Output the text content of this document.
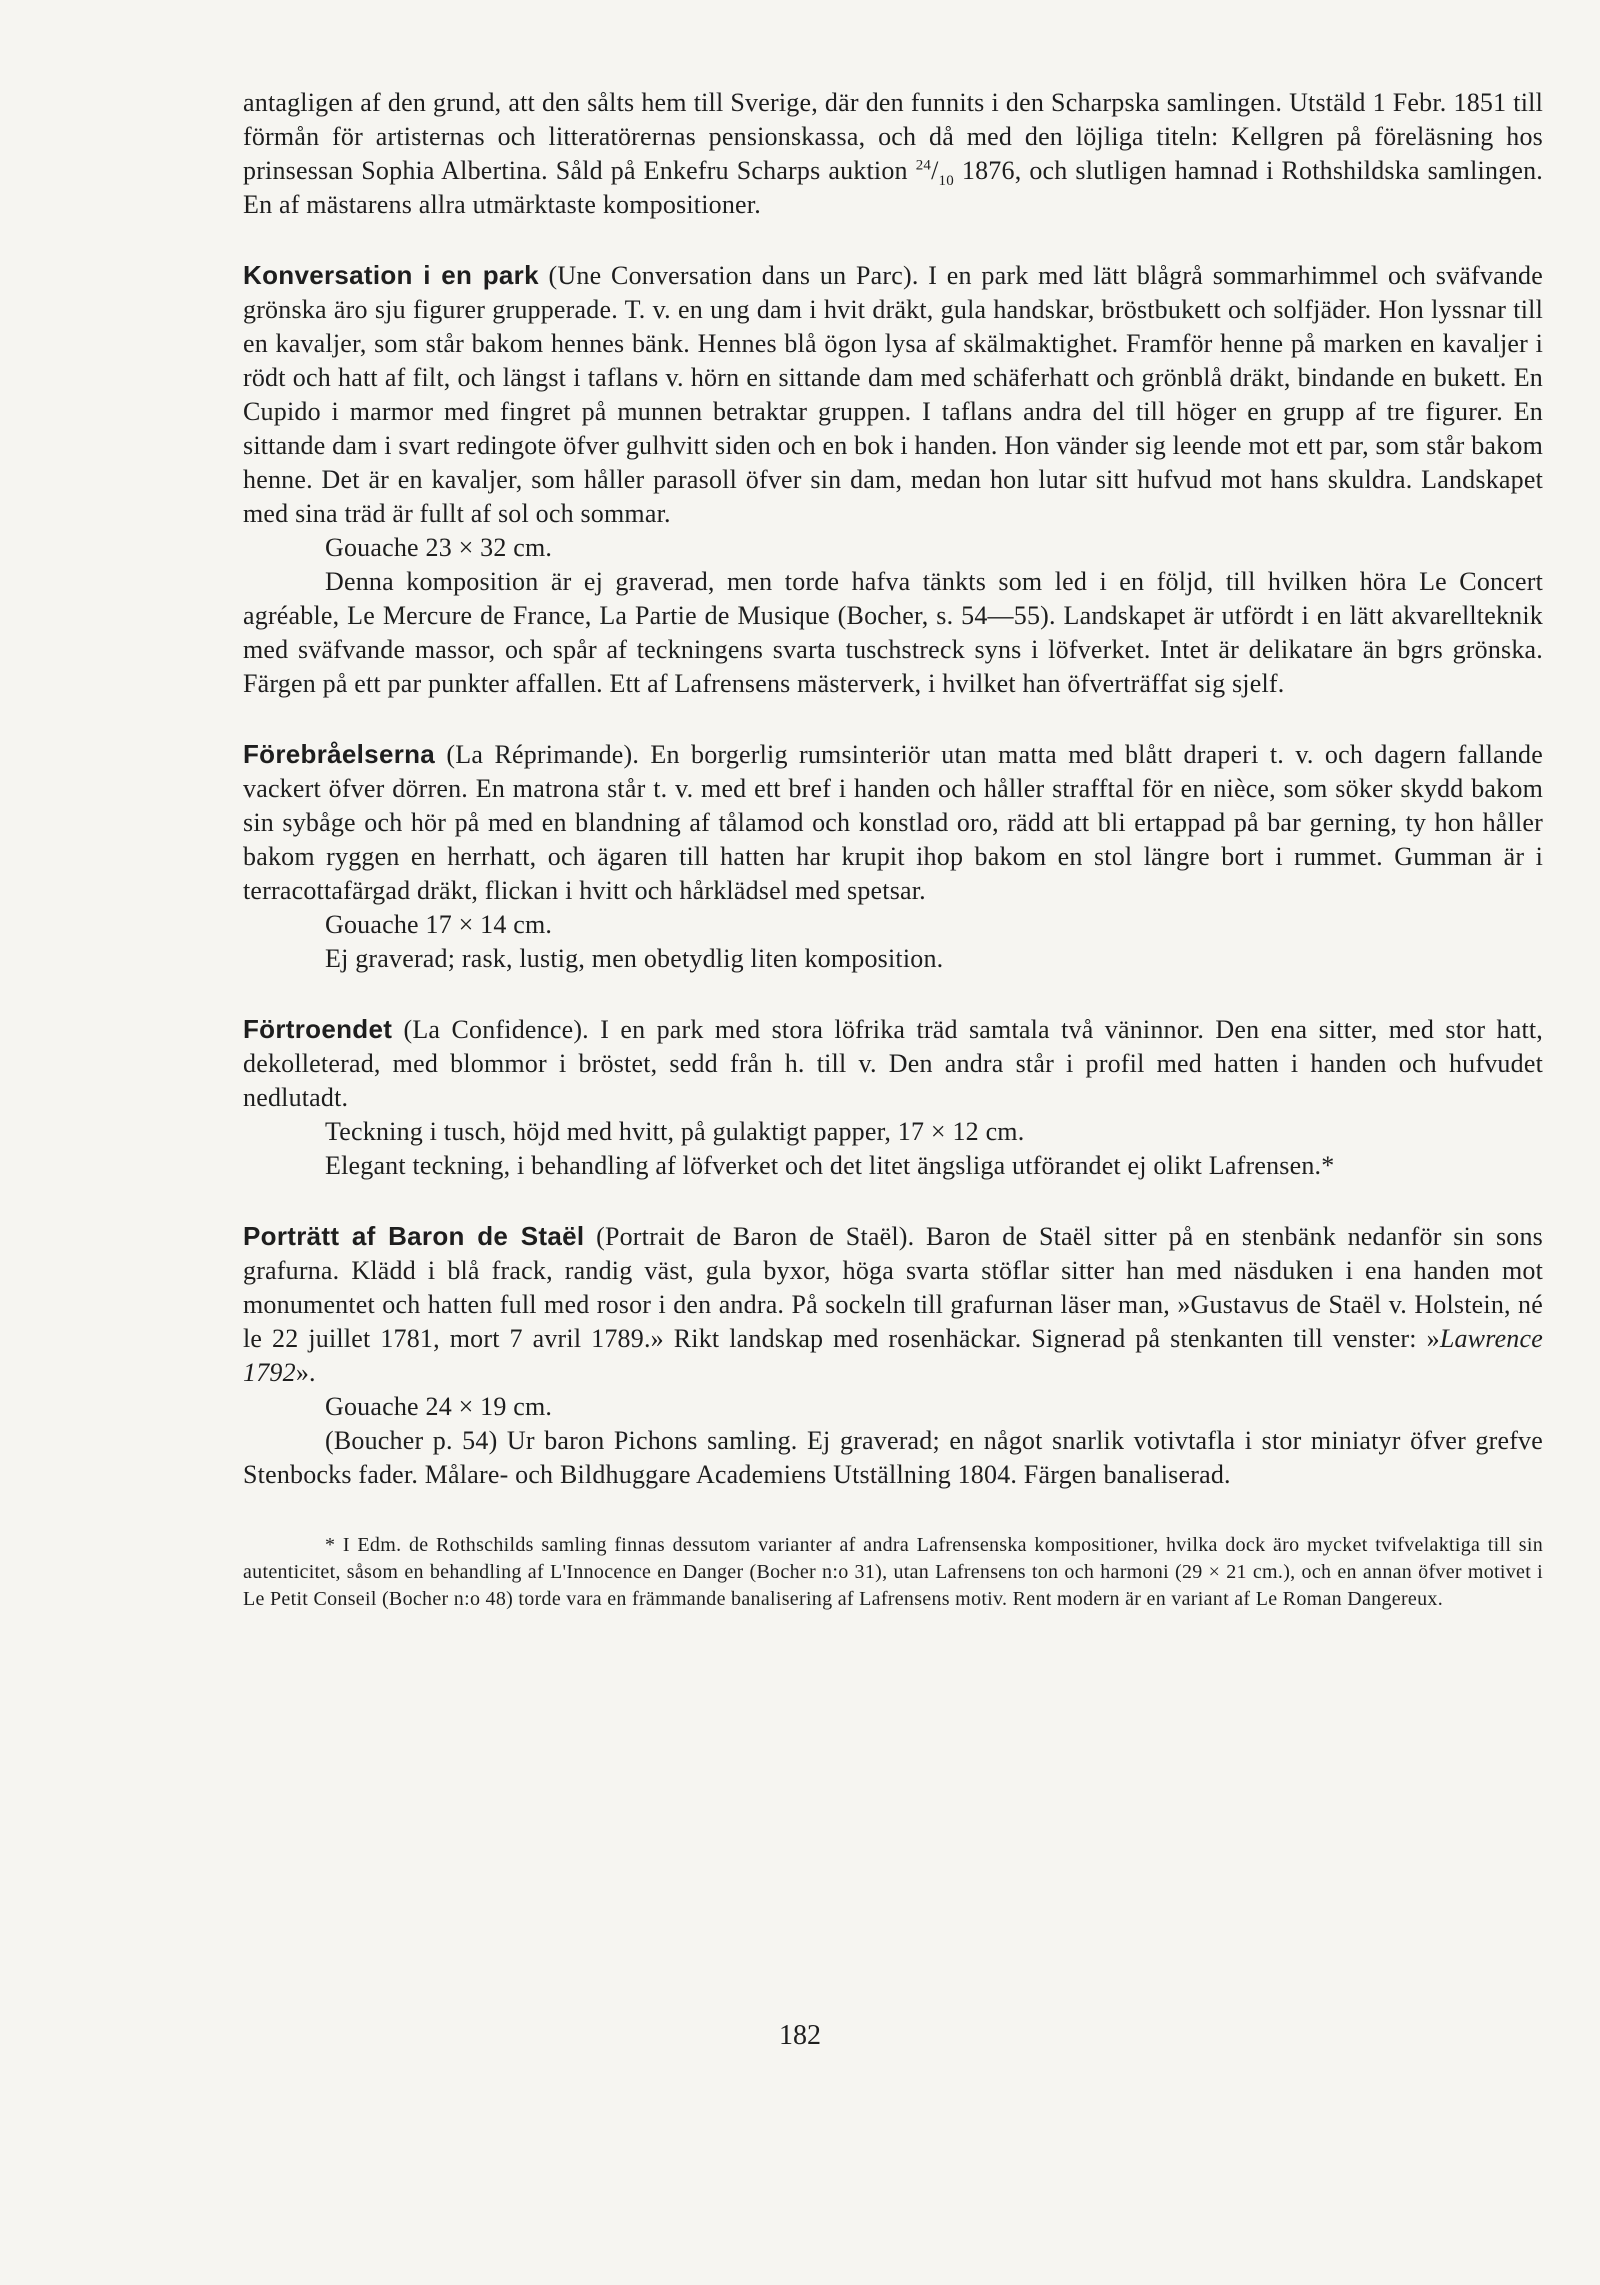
antagligen af den grund, att den sålts hem till Sverige, där den funnits i den Scharpska samlingen. Utstäld 1 Febr. 1851 till förmån för artisternas och litteratörernas pensionskassa, och då med den löjliga titeln: Kellgren på föreläsning hos prinsessan Sophia Albertina. Såld på Enkefru Scharps auktion $^{24}/_{10}$ 1876, och slutligen hamnad i Rothshildska samlingen. En af mästarens allra utmärktaste kompositioner.

Konversation i en park (Une Conversation dans un Parc). I en park med lätt blågrå sommarhimmel och sväfvande grönska äro sju figurer grupperade. T. v. en ung dam i hvit dräkt, gula handskar, bröstbukett och solfjäder. Hon lyssnar till en kavaljer, som står bakom hennes bänk. Hennes blå ögon lysa af skälmaktighet. Framför henne på marken en kavaljer i rödt och hatt af filt, och längst i taflans v. hörn en sittande dam med schäferhatt och grönblå dräkt, bindande en bukett. En Cupido i marmor med fingret på munnen betraktar gruppen. I taflans andra del till höger en grupp af tre figurer. En sittande dam i svart redingote öfver gulhvitt siden och en bok i handen. Hon vänder sig leende mot ett par, som står bakom henne. Det är en kavaljer, som håller parasoll öfver sin dam, medan hon lutar sitt hufvud mot hans skuldra. Landskapet med sina träd är fullt af sol och sommar.

Gouache 23 × 32 cm.

Denna komposition är ej graverad, men torde hafva tänkts som led i en följd, till hvilken höra Le Concert agréable, Le Mercure de France, La Partie de Musique (Bocher, s. 54—55). Landskapet är utfördt i en lätt akvarellteknik med sväfvande massor, och spår af teckningens svarta tuschstreck syns i löfverket. Intet är delikatare än bgrs grönska. Färgen på ett par punkter affallen. Ett af Lafrensens mästerverk, i hvilket han öfverträffat sig sjelf.

Förebråelserna (La Réprimande). En borgerlig rumsinteriör utan matta med blått draperi t. v. och dagern fallande vackert öfver dörren. En matrona står t. v. med ett bref i handen och håller strafftal för en nièce, som söker skydd bakom sin sybåge och hör på med en blandning af tålamod och konstlad oro, rädd att bli ertappad på bar gerning, ty hon håller bakom ryggen en herrhatt, och ägaren till hatten har krupit ihop bakom en stol längre bort i rummet. Gumman är i terracottafärgad dräkt, flickan i hvitt och hårklädsel med spetsar.

Gouache 17 × 14 cm.

Ej graverad; rask, lustig, men obetydlig liten komposition.

Förtroendet (La Confidence). I en park med stora löfrika träd samtala två väninnor. Den ena sitter, med stor hatt, dekolleterad, med blommor i bröstet, sedd från h. till v. Den andra står i profil med hatten i handen och hufvudet nedlutadt.

Teckning i tusch, höjd med hvitt, på gulaktigt papper, 17 × 12 cm.

Elegant teckning, i behandling af löfverket och det litet ängsliga utförandet ej olikt Lafrensen.*

Porträtt af Baron de Staël (Portrait de Baron de Staël). Baron de Staël sitter på en stenbänk nedanför sin sons grafurna. Klädd i blå frack, randig väst, gula byxor, höga svarta stöflar sitter han med näsduken i ena handen mot monumentet och hatten full med rosor i den andra. På sockeln till grafurnan läser man, »Gustavus de Staël v. Holstein, né le 22 juillet 1781, mort 7 avril 1789.» Rikt landskap med rosenhäckar. Signerad på stenkanten till venster: »Lawrence 1792».

Gouache 24 × 19 cm.

(Boucher p. 54) Ur baron Pichons samling. Ej graverad; en något snarlik votivtafla i stor miniatyr öfver grefve Stenbocks fader. Målare- och Bildhuggare Academiens Utställning 1804. Färgen banaliserad.

* I Edm. de Rothschilds samling finnas dessutom varianter af andra Lafrensenska kompositioner, hvilka dock äro mycket tvifvelaktiga till sin autenticitet, såsom en behandling af L'Innocence en Danger (Bocher n:o 31), utan Lafrensens ton och harmoni (29 × 21 cm.), och en annan öfver motivet i Le Petit Conseil (Bocher n:o 48) torde vara en främmande banalisering af Lafrensens motiv. Rent modern är en variant af Le Roman Dangereux.

182
